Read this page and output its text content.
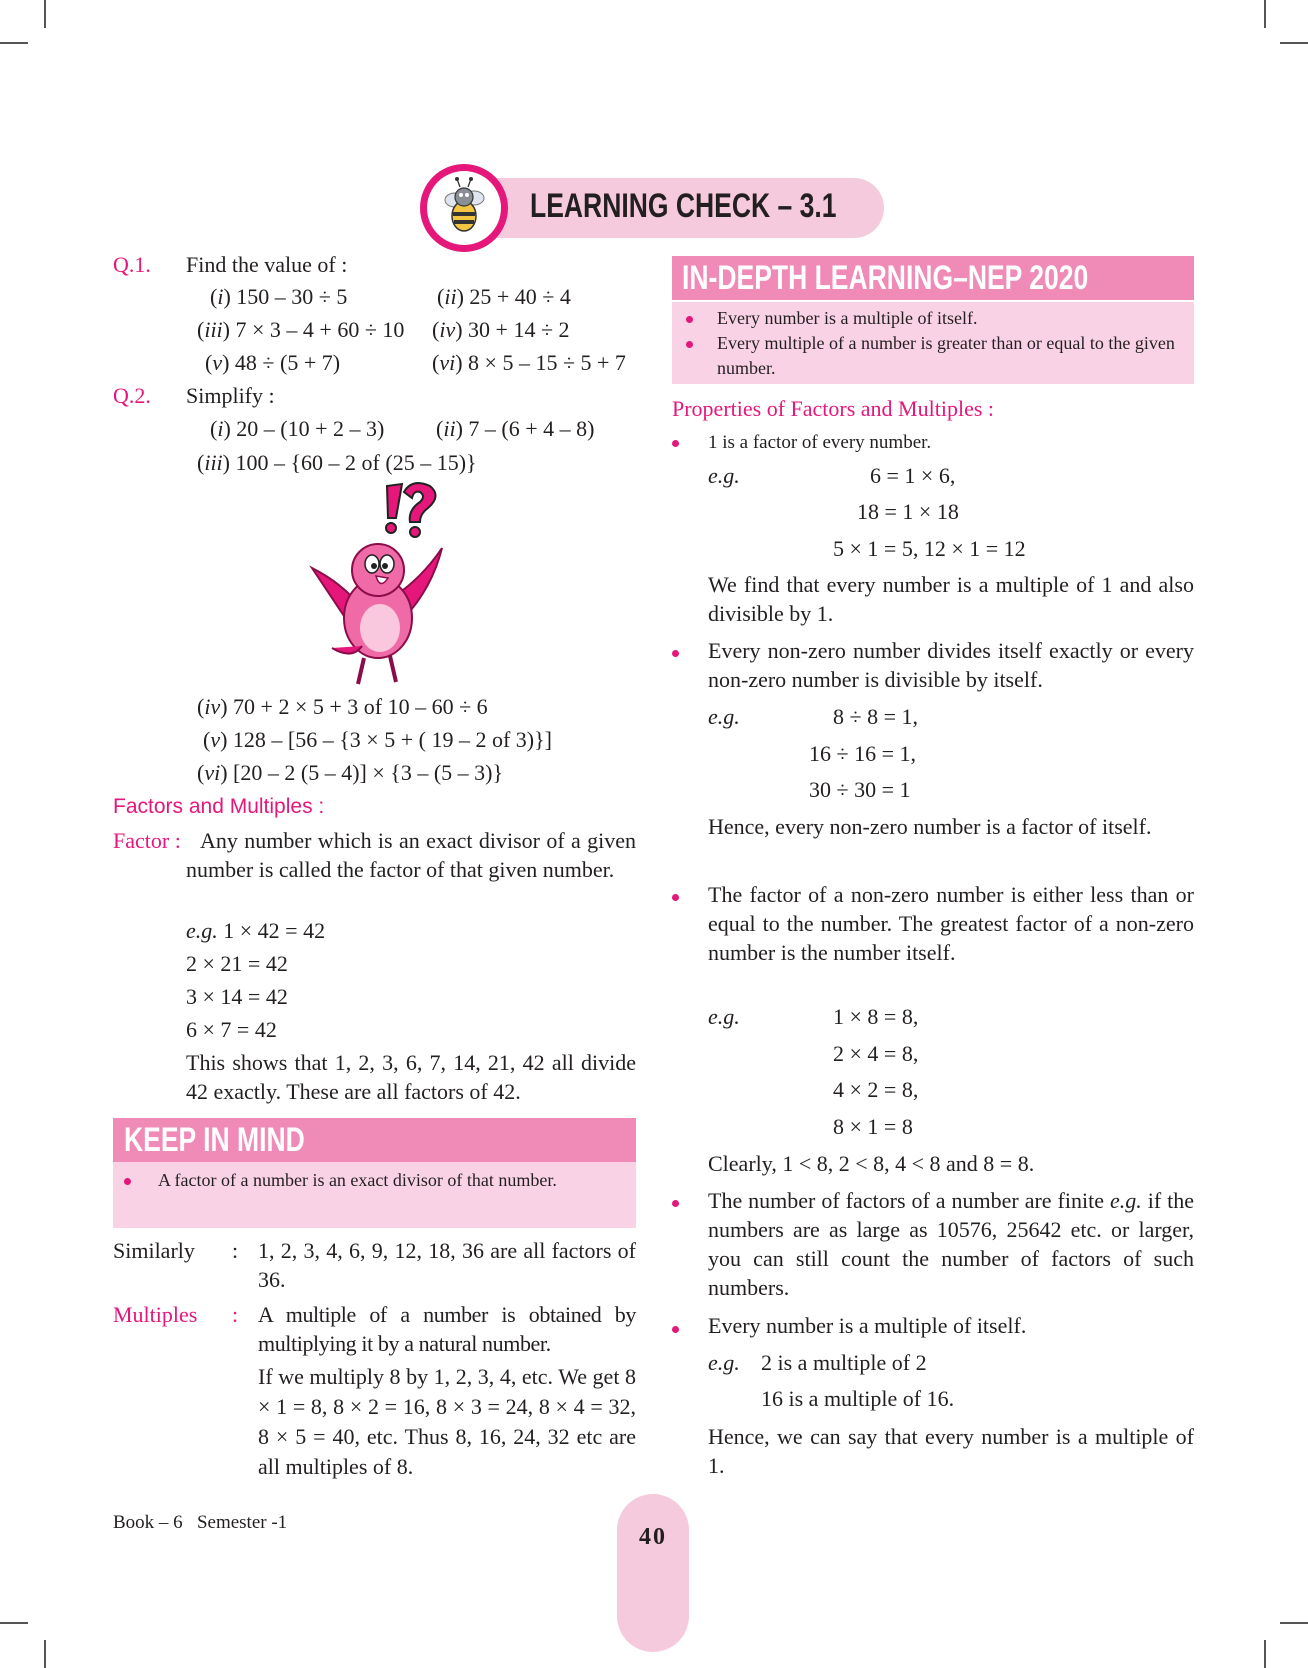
LEARNING CHECK – 3.1
Q.1. Find the value of :
(i) 150 – 30 ÷ 5	(ii) 25 + 40 ÷ 4
(iii) 7 × 3 – 4 + 60 ÷ 10 (iv) 30 + 14 ÷ 2
(v) 48 ÷ (5 + 7)	(vi) 8 × 5 – 15 ÷ 5 + 7
Q.2. Simplify :
(i) 20 – (10 + 2 – 3) (ii) 7 – (6 + 4 – 8)
(iii) 100 – {60 – 2 of (25 – 15)}
(iv) 70 + 2 × 5 + 3 of 10 – 60 ÷ 6
(v) 128 – [56 – {3 × 5 + ( 19 – 2 of 3)}]
(vi) [20 – 2 (5 – 4)] × {3 – (5 – 3)}
Factors and Multiples :
Factor : Any number which is an exact divisor of a given number is called the factor of that given number.
e.g. 1 × 42 = 42
2 × 21 = 42
3 × 14 = 42
6 × 7 = 42
This shows that 1, 2, 3, 6, 7, 14, 21, 42 all divide 42 exactly. These are all factors of 42.
KEEP IN MIND
A factor of a number is an exact divisor of that number.
Similarly : 1, 2, 3, 4, 6, 9, 12, 18, 36 are all factors of 36.
Multiples : A multiple of a number is obtained by multiplying it by a natural number.
If we multiply 8 by 1, 2, 3, 4, etc. We get 8 × 1 = 8, 8 × 2 = 16, 8 × 3 = 24, 8 × 4 = 32, 8 × 5 = 40, etc. Thus 8, 16, 24, 32 etc are all multiples of 8.
IN-DEPTH LEARNING–NEP 2020
Every number is a multiple of itself.
Every multiple of a number is greater than or equal to the given number.
Properties of Factors and Multiples :
1 is a factor of every number.
e.g.	6 = 1 × 6,
18 = 1 × 18
5 × 1 = 5, 12 × 1 = 12
We find that every number is a multiple of 1 and also divisible by 1.
Every non-zero number divides itself exactly or every non-zero number is divisible by itself.
e.g.	8 ÷ 8 = 1,
16 ÷ 16 = 1,
30 ÷ 30 = 1
Hence, every non-zero number is a factor of itself.
The factor of a non-zero number is either less than or equal to the number. The greatest factor of a non-zero number is the number itself.
e.g.	1 × 8 = 8,
2 × 4 = 8,
4 × 2 = 8,
8 × 1 = 8
Clearly, 1 < 8, 2 < 8, 4 < 8 and 8 = 8.
The number of factors of a number are finite e.g. if the numbers are as large as 10576, 25642 etc. or larger, you can still count the number of factors of such numbers.
Every number is a multiple of itself.
e.g. 2 is a multiple of 2
16 is a multiple of 16.
Hence, we can say that every number is a multiple of 1.
Book – 6 Semester -1
40
